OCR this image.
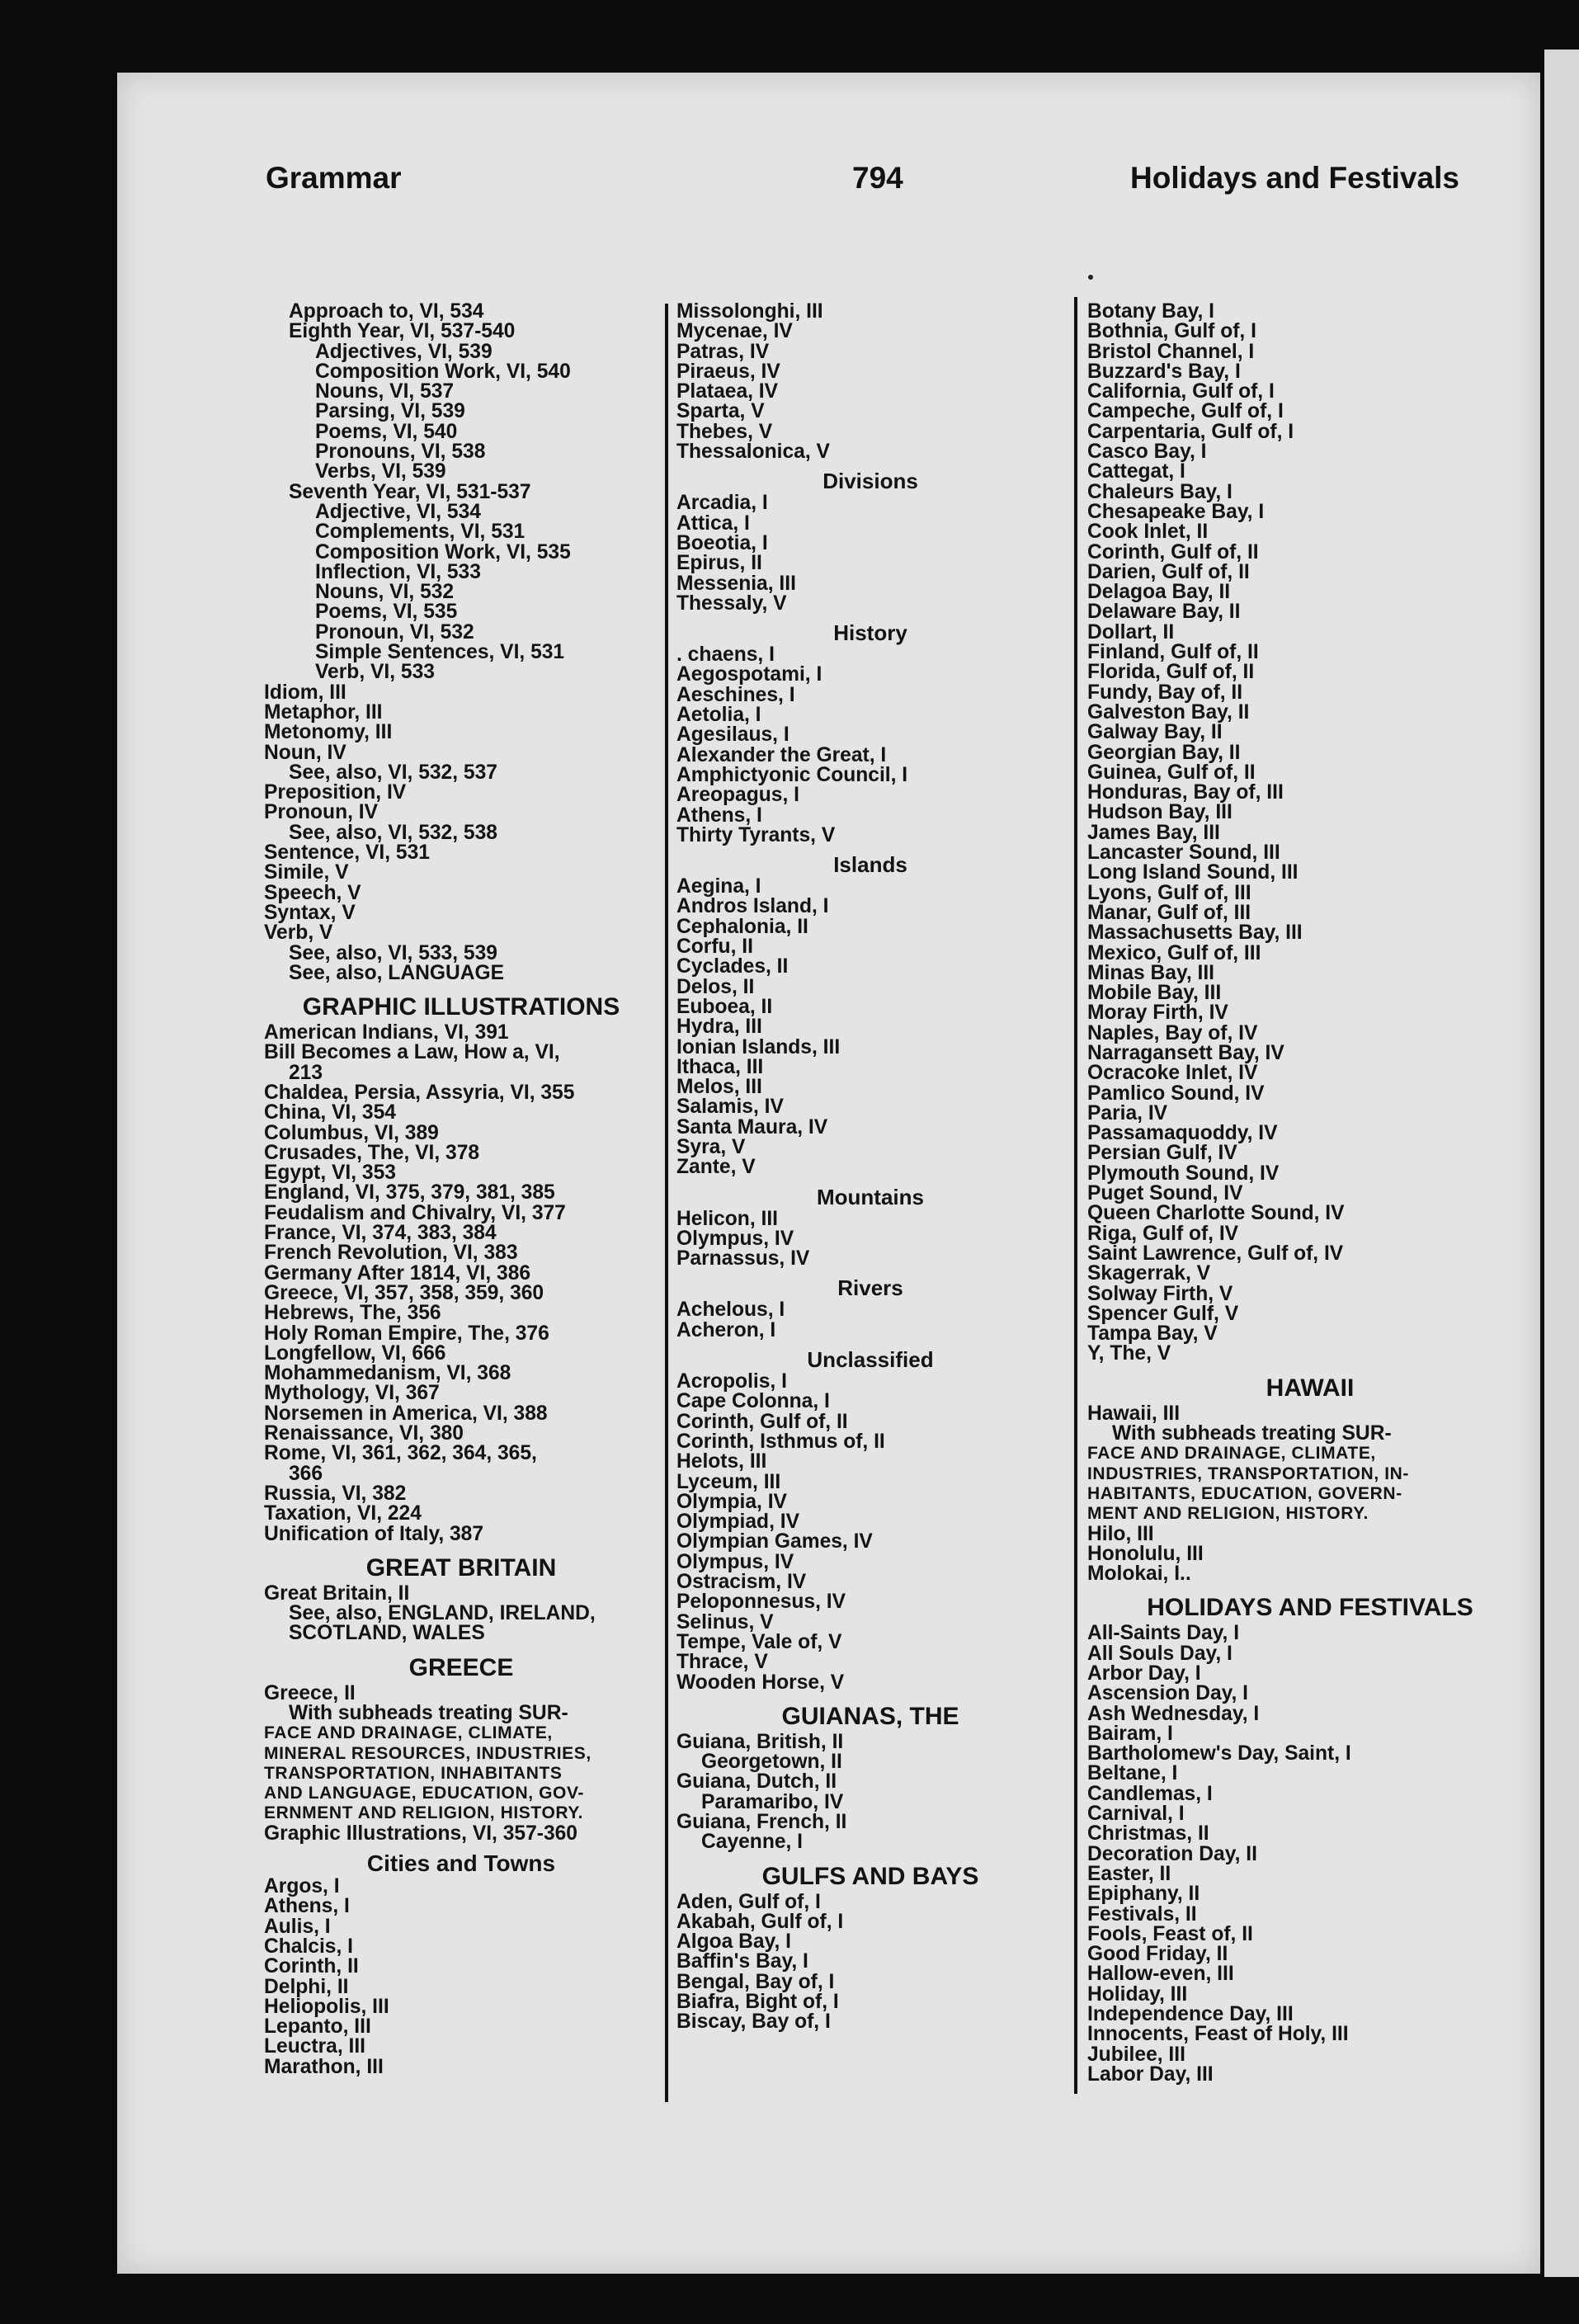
Grammar	794	Holidays and Festivals
Approach to, VI, 534
Eighth Year, VI, 537-540
Adjectives, VI, 539
Composition Work, VI, 540
Nouns, VI, 537
Parsing, VI, 539
Poems, VI, 540
Pronouns, VI, 538
Verbs, VI, 539
Seventh Year, VI, 531-537
Adjective, VI, 534
Complements, VI, 531
Composition Work, VI, 535
Inflection, VI, 533
Nouns, VI, 532
Poems, VI, 535
Pronoun, VI, 532
Simple Sentences, VI, 531
Verb, VI, 533
Idiom, III
Metaphor, III
Metonomy, III
Noun, IV
See, also, VI, 532, 537
Preposition, IV
Pronoun, IV
See, also, VI, 532, 538
Sentence, VI, 531
Simile, V
Speech, V
Syntax, V
Verb, V
See, also, VI, 533, 539
See, also, LANGUAGE
GRAPHIC ILLUSTRATIONS
American Indians, VI, 391
Bill Becomes a Law, How a, VI,
213
Chaldea, Persia, Assyria, VI, 355
China, VI, 354
Columbus, VI, 389
Crusades, The, VI, 378
Egypt, VI, 353
England, VI, 375, 379, 381, 385
Feudalism and Chivalry, VI, 377
France, VI, 374, 383, 384
French Revolution, VI, 383
Germany After 1814, VI, 386
Greece, VI, 357, 358, 359, 360
Hebrews, The, 356
Holy Roman Empire, The, 376
Longfellow, VI, 666
Mohammedanism, VI, 368
Mythology, VI, 367
Norsemen in America, VI, 388
Renaissance, VI, 380
Rome, VI, 361, 362, 364, 365,
366
Russia, VI, 382
Taxation, VI, 224
Unification of Italy, 387
GREAT BRITAIN
Great Britain, II
See, also, ENGLAND, IRELAND,
SCOTLAND, WALES
GREECE
Greece, II
With subheads treating SUR-
FACE AND DRAINAGE, CLIMATE,
MINERAL RESOURCES, INDUSTRIES,
TRANSPORTATION, INHABITANTS
AND LANGUAGE, EDUCATION, GOV-
ERNMENT AND RELIGION, HISTORY.
Graphic Illustrations, VI, 357-360
Cities and Towns
Argos, I
Athens, I
Aulis, I
Chalcis, I
Corinth, II
Delphi, II
Heliopolis, III
Lepanto, III
Leuctra, III
Marathon, III
Missolonghi, III
Mycenae, IV
Patras, IV
Piraeus, IV
Plataea, IV
Sparta, V
Thebes, V
Thessalonica, V
Divisions
Arcadia, I
Attica, I
Boeotia, I
Epirus, II
Messenia, III
Thessaly, V
History
. chaens, I
Aegospotami, I
Aeschines, I
Aetolia, I
Agesilaus, I
Alexander the Great, I
Amphictyonic Council, I
Areopagus, I
Athens, I
Thirty Tyrants, V
Islands
Aegina, I
Andros Island, I
Cephalonia, II
Corfu, II
Cyclades, II
Delos, II
Euboea, II
Hydra, III
Ionian Islands, III
Ithaca, III
Melos, III
Salamis, IV
Santa Maura, IV
Syra, V
Zante, V
Mountains
Helicon, III
Olympus, IV
Parnassus, IV
Rivers
Achelous, I
Acheron, I
Unclassified
Acropolis, I
Cape Colonna, I
Corinth, Gulf of, II
Corinth, Isthmus of, II
Helots, III
Lyceum, III
Olympia, IV
Olympiad, IV
Olympian Games, IV
Olympus, IV
Ostracism, IV
Peloponnesus, IV
Selinus, V
Tempe, Vale of, V
Thrace, V
Wooden Horse, V
GUIANAS, THE
Guiana, British, II
Georgetown, II
Guiana, Dutch, II
Paramaribo, IV
Guiana, French, II
Cayenne, I
GULFS AND BAYS
Aden, Gulf of, I
Akabah, Gulf of, I
Algoa Bay, I
Baffin's Bay, I
Bengal, Bay of, I
Biafra, Bight of, I
Biscay, Bay of, I
Botany Bay, I
Bothnia, Gulf of, I
Bristol Channel, I
Buzzard's Bay, I
California, Gulf of, I
Campeche, Gulf of, I
Carpentaria, Gulf of, I
Casco Bay, I
Cattegat, I
Chaleurs Bay, I
Chesapeake Bay, I
Cook Inlet, II
Corinth, Gulf of, II
Darien, Gulf of, II
Delagoa Bay, II
Delaware Bay, II
Dollart, II
Finland, Gulf of, II
Florida, Gulf of, II
Fundy, Bay of, II
Galveston Bay, II
Galway Bay, II
Georgian Bay, II
Guinea, Gulf of, II
Honduras, Bay of, III
Hudson Bay, III
James Bay, III
Lancaster Sound, III
Long Island Sound, III
Lyons, Gulf of, III
Manar, Gulf of, III
Massachusetts Bay, III
Mexico, Gulf of, III
Minas Bay, III
Mobile Bay, III
Moray Firth, IV
Naples, Bay of, IV
Narragansett Bay, IV
Ocracoke Inlet, IV
Pamlico Sound, IV
Paria, IV
Passamaquoddy, IV
Persian Gulf, IV
Plymouth Sound, IV
Puget Sound, IV
Queen Charlotte Sound, IV
Riga, Gulf of, IV
Saint Lawrence, Gulf of, IV
Skagerrak, V
Solway Firth, V
Spencer Gulf, V
Tampa Bay, V
Y, The, V
HAWAII
Hawaii, III
With subheads treating SUR-
FACE AND DRAINAGE, CLIMATE,
INDUSTRIES, TRANSPORTATION, IN-
HABITANTS, EDUCATION, GOVERN-
MENT AND RELIGION, HISTORY.
Hilo, III
Honolulu, III
Molokai, I..
HOLIDAYS AND FESTIVALS
All-Saints Day, I
All Souls Day, I
Arbor Day, I
Ascension Day, I
Ash Wednesday, I
Bairam, I
Bartholomew's Day, Saint, I
Beltane, I
Candlemas, I
Carnival, I
Christmas, II
Decoration Day, II
Easter, II
Epiphany, II
Festivals, II
Fools, Feast of, II
Good Friday, II
Hallow-even, III
Holiday, III
Independence Day, III
Innocents, Feast of Holy, III
Jubilee, III
Labor Day, III
